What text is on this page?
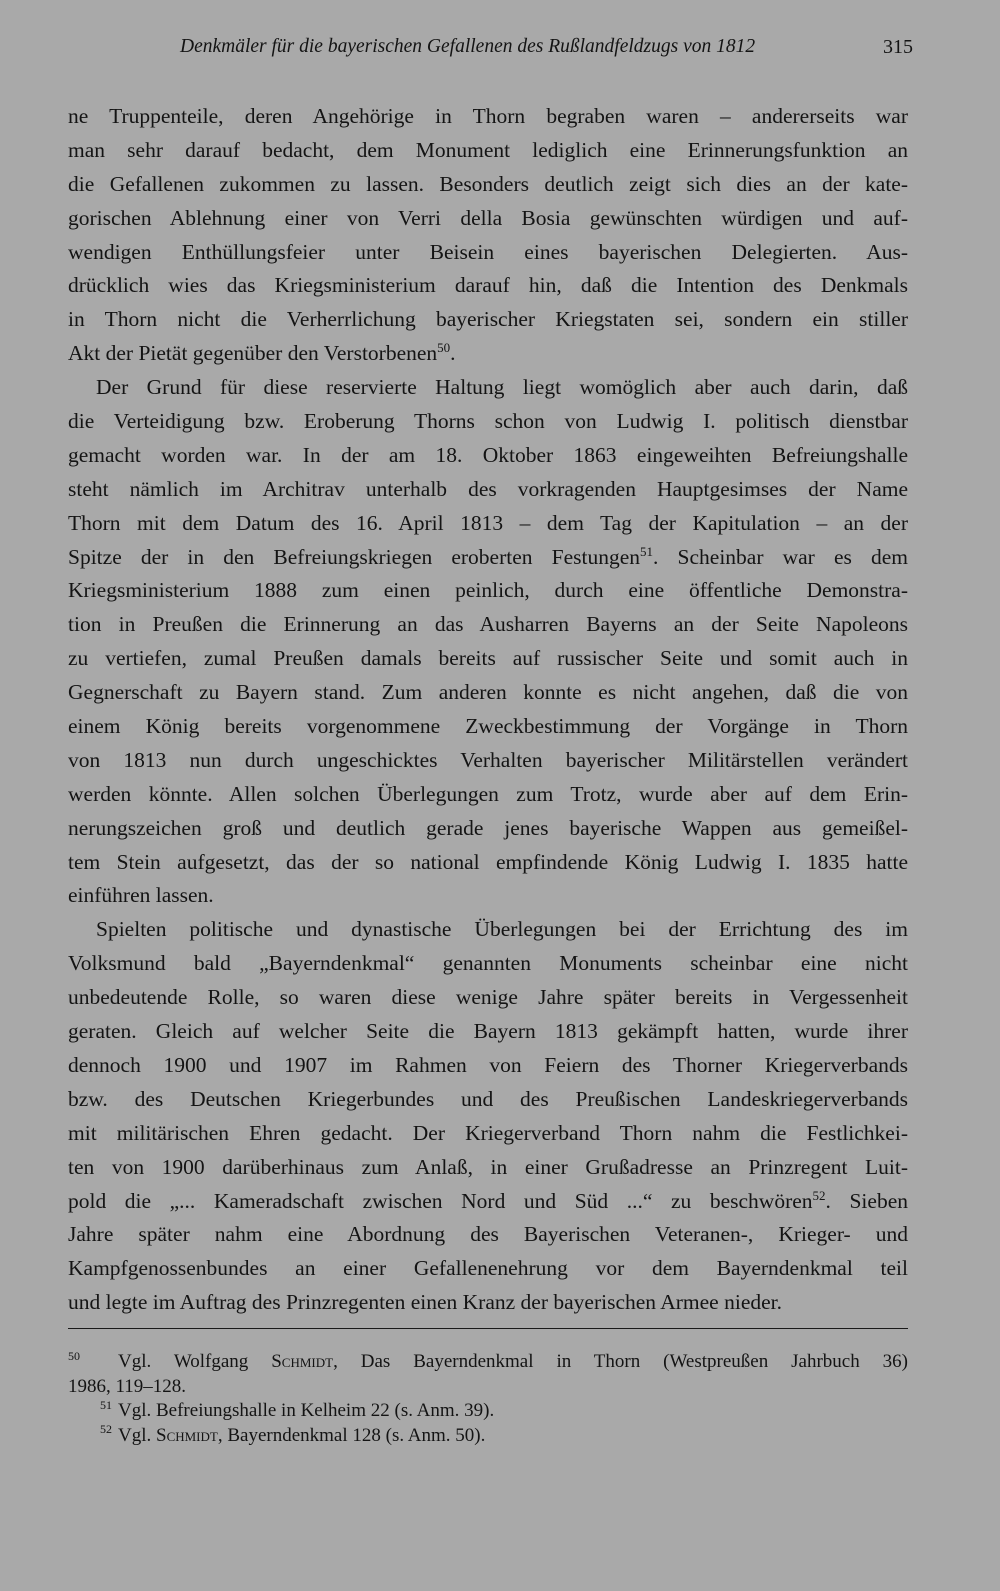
Denkmäler für die bayerischen Gefallenen des Rußlandfeldzugs von 1812	315
ne Truppenteile, deren Angehörige in Thorn begraben waren – andererseits war
man sehr darauf bedacht, dem Monument lediglich eine Erinnerungsfunktion an
die Gefallenen zukommen zu lassen. Besonders deutlich zeigt sich dies an der kate-
gorischen Ablehnung einer von Verri della Bosia gewünschten würdigen und auf-
wendigen Enthüllungsfeier unter Beisein eines bayerischen Delegierten. Aus-
drücklich wies das Kriegsministerium darauf hin, daß die Intention des Denkmals
in Thorn nicht die Verherrlichung bayerischer Kriegstaten sei, sondern ein stiller
Akt der Pietät gegenüber den Verstorbenen$^{50}$.
Der Grund für diese reservierte Haltung liegt womöglich aber auch darin, daß
die Verteidigung bzw. Eroberung Thorns schon von Ludwig I. politisch dienstbar
gemacht worden war. In der am 18. Oktober 1863 eingeweihten Befreiungshalle
steht nämlich im Architrav unterhalb des vorkragenden Hauptgesimses der Name
Thorn mit dem Datum des 16. April 1813 – dem Tag der Kapitulation – an der
Spitze der in den Befreiungskriegen eroberten Festungen$^{51}$. Scheinbar war es dem
Kriegsministerium 1888 zum einen peinlich, durch eine öffentliche Demonstra-
tion in Preußen die Erinnerung an das Ausharren Bayerns an der Seite Napoleons
zu vertiefen, zumal Preußen damals bereits auf russischer Seite und somit auch in
Gegnerschaft zu Bayern stand. Zum anderen konnte es nicht angehen, daß die von
einem König bereits vorgenommene Zweckbestimmung der Vorgänge in Thorn
von 1813 nun durch ungeschicktes Verhalten bayerischer Militärstellen verändert
werden könnte. Allen solchen Überlegungen zum Trotz, wurde aber auf dem Erin-
nerungszeichen groß und deutlich gerade jenes bayerische Wappen aus gemeißel-
tem Stein aufgesetzt, das der so national empfindende König Ludwig I. 1835 hatte
einführen lassen.
Spielten politische und dynastische Überlegungen bei der Errichtung des im
Volksmund bald „Bayerndenkmal“ genannten Monuments scheinbar eine nicht
unbedeutende Rolle, so waren diese wenige Jahre später bereits in Vergessenheit
geraten. Gleich auf welcher Seite die Bayern 1813 gekämpft hatten, wurde ihrer
dennoch 1900 und 1907 im Rahmen von Feiern des Thorner Kriegerverbands
bzw. des Deutschen Kriegerbundes und des Preußischen Landeskriegerverbands
mit militärischen Ehren gedacht. Der Kriegerverband Thorn nahm die Festlichkei-
ten von 1900 darüberhinaus zum Anlaß, in einer Grußadresse an Prinzregent Luit-
pold die „... Kameradschaft zwischen Nord und Süd ...“ zu beschwören$^{52}$. Sieben
Jahre später nahm eine Abordnung des Bayerischen Veteranen-, Krieger- und
Kampfgenossenbundes an einer Gefallenenehrung vor dem Bayerndenkmal teil
und legte im Auftrag des Prinzregenten einen Kranz der bayerischen Armee nieder.
50 Vgl. Wolfgang Schmidt, Das Bayerndenkmal in Thorn (Westpreußen Jahrbuch 36)
1986, 119–128.
51 Vgl. Befreiungshalle in Kelheim 22 (s. Anm. 39).
52 Vgl. Schmidt, Bayerndenkmal 128 (s. Anm. 50).
